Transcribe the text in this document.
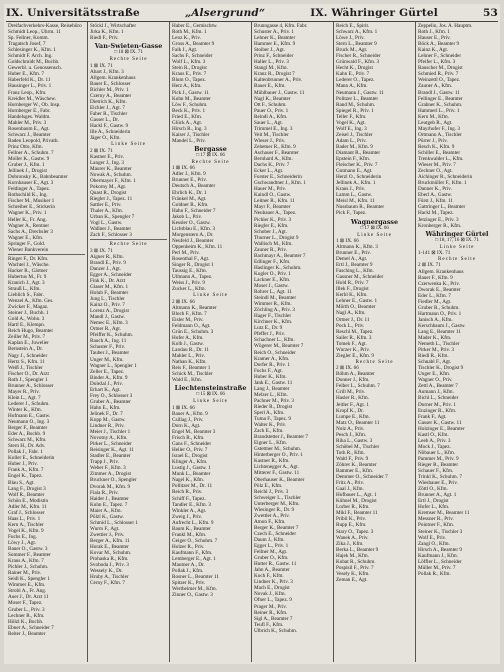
IX. Universitätsstraße	„Alsergrund“	IX. Währinger Gürtel	53
Dreifachverkehrs-Kasse, Reisebüro
Schmidt Leop., Uhrm. 11
Sp. Fellner, Komm.
Tragatsch Josef, 7
Schlesinger K., Kfm. 1
Schmidt F. Arch. Ing.
Goldschmidt M., Buchb.
Gewerbl. u. Genossensch.
Huber E., Kfm. 7
Haberfeld K., Dr. 11
Hausinger L., Priv. 1
Franz Leop., Kfm.
Kreidler M., Wäschew.
Hornberger W., Ob. Insp.
Hornberger E., Fabr.
Handelsges. Waldm.
Mahler M., Priv. 3
Rosenbaum E., Agt.
Schwarz J., Beamter
Baden Leopold, Privatb.
Prinz Otto, Kfm.
Fellner A., Schuhm. 7
Moller K., Gastw. 9
Gruber J., Kfm. 1
Jellinek J., Drogist
Dobronsky K., Bahnbeamter
Kornhauser E., Agt. 3
Feldinger A., Tapez.
Rothschild K., Ing.
Fischer M., Musiker 1
Schreiber E., Stickerin
Wagner K., Priv. 1
Heller K., Fr. Ang.
Wagner A., Rentner
Sachs A., Drechsler 3
Wagner E., Kfm.
Springer F., Gold.
Wiener Bankverein
Ringer F., Dr. Kfm.
Wachtel J., Wäsche.
Hacker R., Gärtner
Hubertus M., Fr. 9
Kranich J., Agt. 3
Strauß L., Kfm.
Lieblich S., Fabr.
Wenzel A., Kfm. Ges.
Zwicker F., Magaz.
Steiner J., Buchh. 1
Gold A., Wohn. 3
Hartl E., Klempn.
Reich Hugo, Beamter
Zeiller M., Priv. 7
Kaplan E., Juwelier
Bernstein A., Dr.
Nagy J., Schneider
Hertz S., Kfm. 11
Weiß J., Tischler
Fischer O., Dr. Arzt
Roth J., Spengler 1
Brunner A., Schlosser
Mayer R., Priv.
Klein L., Agt. 7
Lederer J., Schuhm.
Winter K., Kfm.
Hofmann E., Gastw.
Neumann O., Ing. 3
Berger F., Beamter
Eder A., Buchb. 9
Schwarz M., Kfm.
Stern H., Dr. Adv.
Pollak J., Fabr. 1
Koller E., Schneiderin
Huber J., Priv.
Frank A., Kfm. 7
Engel K., Tapez.
Blau S., Agt.
Lang F., Drogist 3
Wolf R., Beamter
Schön E., Modistin
Adler M., Kfm. 11
Graf J., Schlosser
Haas L., Priv. 1
Kern A., Tischler
Vogel K., Kfm. 9
Fuchs E., Ing.
Löwy J., Agt.
Bauer O., Gastw. 3
Sommer F., Beamter
Kraus A., Kfm. 7
Pichler J., Schuhm.
Rainer M., Priv.
Seidl K., Spengler 1
Wimmer E., Kfm.
Strobl A., Fr. Ang.
Auer J., Dr. Arzt 11
Moser F., Tapez.
Gruber L., Priv. 3
Lechner R., Kfm.
Hölzl K., Buchh.
Ebner A., Schneider 7
Reiter J., Beamter
Stöckl J., Wirtschafter
Jirka K., Kfm. 1
Riedl F., Priv.
Van-Swieten-Gasse
□ 18 ⊠ IX. 71
Rechte Seite
1 ⊠ IX. 71
Abart J., Kfm. 3
Allgem. Krankenhaus
Bauer E., Schlosser
Bichler M., Priv. 1
Czerny A., Beamter
Dietrich K., Kfm.
Eichler J., Agt. 7
Faber R., Tischler
Gasser L., Dr.
Hackl F., Gastw. 9
Ille A., Schneiderin
Jäger O., Kfm.
Linke Seite
2 ⊠ IX. 71
Kastner E., Priv.
Langer J., Ing. 3
Maurer K., Beamter
Nowak A., Schuhm.
Obermayer F., Kfm. 1
Pokorny M., Agt.
Quast R., Drogist
Riegler J., Tapez. 11
Sattler E., Priv.
Thaler A., Kfm.
Urban K., Spengler 7
Vogl L., Gastw.
Wallner J., Beamter
Zach F., Schlosser 3
Rechte Seite
3 ⊠ IX. 71
Aigner R., Kfm.
Brandl E., Priv. 9
Danzer J., Agt.
Egger A., Schneider
Fink K., Dr. Arzt
Glaser M., Kfm. 1
Holub F., Beamter
Jung L., Tischler
Kainz O., Priv. 7
Lorenz A., Drogist
Mandl J., Gastw.
Nemec E., Kfm. 3
Ortner R., Agt.
Pfeiffer K., Schuhm.
Rauch A., Ing. 11
Schuster F., Priv.
Tauber J., Beamter
Unger M., Kfm.
Wagner L., Spengler 1
Zeller E., Tapez.
Binder A., Kfm. 9
Doležal J., Priv.
Erhart K., Agt.
Frey O., Schlosser 3
Gruber A., Beamter
Hahn E., Kfm.
Jelinek F., Dr. 7
Kopp M., Gastw.
Lindner R., Priv.
Meier J., Tischler 1
Novotny A., Kfm.
Pirker L., Schneider
Reisinger K., Agt. 11
Stadler E., Beamter
Trapp J., Priv.
Weber F., Kfm. 3
Zimmer A., Drogist
Bruckner O., Spengler
Dvorak M., Kfm. 9
Fiala R., Priv.
Haider J., Beamter
Kuhn E., Tapez. 7
Maier A., Kfm.
Pölzl K., Gastw.
Schmid L., Schlosser 1
Wurm F., Agt.
Zwettler J., Priv.
Berger A., Kfm. 11
Horak E., Beamter
Kovar M., Schuhm.
Prohaska R., Kfm.
Svoboda J., Priv. 3
Wessely K., Dr.
Hruby A., Tischler
Cerny F., Kfm. 7
Haber E., Gemischtw.
Roth M., Kfm. 1
Lenz K., Priv.
Gross A., Beamter 9
Falk J., Agt.
Sachs F., Schneider
Wolf L., Kfm. 3
Stein R., Drogist
Kraus E., Priv. 7
Blum O., Tapez.
Herz A., Kfm.
Pick J., Gastw. 11
Kohn M., Beamter
Löw F., Schuhm.
Beck K., Priv. 1
Fried E., Kfm.
Glück A., Agt.
Hirsch R., Ing. 3
Kaiser J., Tischler
Mandel L., Priv.
Bergasse
□ 17 ⊠ IX. 66
Rechte Seite
1 ⊠ IX. 66
Adler J., Kfm. 9
Brunner E., Priv.
Deutsch A., Beamter
Ehrlich K., Dr. 1
Fränkel M., Agt.
Goldner R., Kfm.
Hahn F., Schneider 7
Jakob L., Priv.
Kessler O., Gastw.
Lichtblau E., Kfm. 3
Morgenstern A., Dr.
Neufeld J., Beamter
Oppenheim K., Kfm. 11
Perl M., Priv.
Rosenthal F., Agt.
Singer R., Drogist 1
Taussig E., Kfm.
Ullmann A., Tapez.
Weiss J., Priv. 9
Zucker L., Kfm.
Linke Seite
2 ⊠ IX. 66
Altmann K., Beamter
Bloch F., Kfm. 7
Eisler M., Priv.
Feldmann O., Agt.
Grün E., Schuhm. 3
Hofer A., Kfm.
Kolb J., Gastw.
Landau R., Dr. 11
Mahler L., Priv.
Nathan K., Kfm.
Reis F., Beamter 1
Schick M., Tischler
Wald E., Kfm.
Liechtensteinstraße
□ 15 ⊠ IX. 66
Linke Seite
1 ⊠ IX. 66
Bauer A., Kfm. 9
Csillag J., Priv.
Dorn K., Agt.
Engel M., Beamter 3
Frisch R., Kfm.
Gans F., Schneider
Heller O., Priv. 7
Israel E., Drogist
Klinger A., Kfm.
Lustig J., Gastw. 1
Munk L., Beamter
Nagel K., Kfm.
Pollitzer M., Dr. 11
Reich R., Priv.
Schiff F., Tapez.
Tandler E., Kfm. 3
Winkler A., Agt.
Zweig J., Priv.
Aufrecht L., Kfm. 9
Baum K., Beamter
Frankl M., Kfm.
Geiger O., Schuhm. 7
Holzer R., Priv.
Kaufmann F., Kfm.
Lemberger E., Agt. 1
Mautner A., Dr.
Pollak J., Kfm.
Rosner L., Beamter 11
Spitzer K., Priv.
Wertheimer M., Kfm.
Zinner O., Gastw. 3
Brunngasse 4, Kfm. Fabr.
Schuster A., Priv. 1
Lehner K., Beamter
Hammer E., Kfm. 9
Stoiber J., Agt.
Prinz F., Schneider
Haller L., Priv. 3
Stangl M., Kfm.
Kranz R., Drogist 7
Kaltenbrunner A., Priv.
Bauer E., Kfm.
Mühlbauer J., Gastw. 11
Nagl K., Beamter
Ott F., Schuhm.
Pauer O., Priv. 1
Reindl A., Kfm.
Sauer L., Agt.
Trimmel E., Ing. 3
Veit M., Tischler
Wieser J., Priv.
Zehetner R., Kfm. 9
Aschauer F., Beamter
Bernhard A., Kfm.
Dachs K., Priv. 7
Ecker L., Agt.
Forster E., Schneiderin
Gschwandtner J., Kfm. 1
Hauer M., Priv.
Kaindl O., Gastw.
Leitner R., Kfm. 11
Mayr F., Beamter
Neubauer A., Tapez.
Pichler K., Priv. 3
Riegler E., Kfm.
Schober J., Agt.
Thurner L., Drogist 9
Wallisch M., Kfm.
Zauner R., Priv.
Bachmayr A., Beamter 7
Edlinger F., Kfm.
Haslinger K., Schuhm.
Kogler O., Priv. 1
Lackner E., Kfm.
Moser J., Gastw.
Rohrer L., Agt. 11
Steindl M., Beamter
Wimmer R., Kfm.
Zöchling A., Priv. 3
Hager F., Tischler
Kirchner K., Kfm.
Lutz E., Dr. 9
Pfeffer J., Priv.
Schachner L., Kfm.
Wögerer M., Beamter 7
Reich O., Schneider
Kramer A., Kfm.
Dorfer R., Priv. 1
Fuchs F., Agt.
Huber K., Kfm.
Jank E., Gastw. 11
Lang J., Beamter
Melzer L., Kfm.
Pachner M., Priv. 3
Rieder R., Drogist
Sperl A., Kfm.
Tuma F., Tapez. 9
Walter K., Priv.
Zach E., Kfm.
Brandstetter J., Beamter 7
Eigner L., Kfm.
Gstettner M., Schuhm.
Hinterberger O., Priv. 1
Kastner R., Kfm.
Lichtenegger A., Agt.
Mitterer F., Gastw. 11
Oberhauser K., Beamter
Pölz E., Kfm.
Reichl J., Priv. 3
Schweiger L., Tischler
Unterberger M., Kfm.
Wiesinger R., Dr. 9
Zwettler A., Priv.
Amon F., Kfm.
Berger K., Beamter 7
Czech E., Schneider
Daum J., Kfm.
Egger L., Priv. 1
Fellner M., Agt.
Gruber O., Kfm.
Hutter R., Gastw. 11
Jahn A., Beamter
Koch F., Kfm.
Lindner K., Priv. 3
Mach E., Drogist
Novak J., Kfm.
Ofner L., Tapez. 9
Prager M., Priv.
Reiner R., Kfm.
Sigl A., Beamter 7
Teufl F., Kfm.
Ulbrich K., Schuhm.
Reich E., Spirit.
Schwarz A., Kfm. 1
Löwe J., Priv.
Stern L., Beamter 9
Bruck M., Agt.
Fischer R., Schneider
Grünwald F., Kfm. 3
Hecht K., Drogist
Kahn E., Priv. 7
Lederer O., Tapez.
Mann A., Kfm.
Neumann J., Gastw. 11
Politzer L., Beamter
Rand M., Schuhm.
Spiegel R., Priv. 1
Teller F., Kfm.
Vogel K., Agt.
Wolf E., Ing. 3
Zeisel J., Tischler
Adam L., Priv.
Bader M., Kfm. 9
Diamant R., Beamter
Epstein F., Kfm.
Fleischer K., Priv. 7
Gutmann E., Agt.
Herzl O., Schneiderin
Jellinek A., Kfm. 1
Kraus J., Priv.
Lamm L., Gastw.
Meisl M., Kfm. 11
Nussbaum R., Beamter
Pick F., Tapez.
Wagnergasse
□ 17 ⊠ IX. 66
Linke Seite
1 ⊠ IX. 66
Altmann K., Kfm. 3
Brunner E., Priv.
Demel A., Agt.
Ertl J., Beamter 9
Fasching L., Kfm.
Gassner M., Schneider
Hold R., Priv. 7
Illek F., Drogist
Kerbl K., Kfm.
Lehner E., Gastw. 1
Mörth O., Beamter
Nagl A., Kfm.
Ortner J., Dr. 11
Pock L., Priv.
Reschl M., Tapez.
Sailer R., Kfm. 3
Tomek F., Agt.
Wurzer K., Priv.
Ziegler E., Kfm. 9
Rechte Seite
2 ⊠ IX. 66
Böhm A., Beamter
Donner J., Kfm.
Felber L., Schuhm. 7
Grill M., Priv.
Hasler R., Kfm.
Jeitler F., Agt. 1
Kropf K., Dr.
Lumpe E., Kfm.
Matz O., Beamter 11
Nolz A., Priv.
Pesch J., Kfm.
Riha L., Gastw. 3
Schöbel M., Tischler
Toth R., Kfm.
Waltl F., Priv. 9
Zöhrer K., Beamter
Bammer E., Kfm.
Demmer O., Schneider 7
Fritz A., Priv.
Gaal J., Kfm.
Hofbauer L., Agt. 1
Kühnel M., Drogist
Lorber R., Kfm.
Mikl F., Beamter 11
Pribil K., Priv.
Rupp E., Kfm.
Stary O., Tapez. 3
Wanek A., Priv.
Zika J., Kfm.
Berka L., Beamter 9
Hajek M., Kfm.
Kubat R., Schuhm.
Pospisil F., Priv. 7
Vesely K., Kfm.
Zeman E., Agt.
Zeppelin, Jos. A. Hauptm.
Roth J., Kfm. 1
Hauser E., Priv.
Böck A., Beamter 9
Kainz K., Agt.
Lehner F., Schneider
Pfeifer L., Kfm. 3
Rauscher M., Drogist
Schmied R., Priv. 7
Weinzettl O., Tapez.
Zauner A., Kfm.
Brandl J., Gastw. 11
Fellinger E., Beamter
Grabner K., Schuhm.
Hammerl L., Priv. 1
Kern M., Kfm.
Leutgeb R., Agt.
Mayrhofer F., Ing. 3
Ortmann A., Tischler
Pürrer J., Priv.
Resch K., Kfm. 9
Schiller E., Beamter
Trenkwalder L., Kfm.
Wieser M., Priv. 7
Zechner O., Agt.
Aichinger R., Schneiderin
Bruckmüller F., Kfm. 1
Danner K., Priv.
Eberl A., Gastw.
Fürst J., Kfm. 11
Gattringer L., Beamter
Hackl M., Tapez.
Jetzinger E., Priv. 3
Kronberger R., Kfm.
Währinger Gürtel
□ 18, 17, 16 ⊠ IX. 71
Linke Seite
1-141 ⊠ IX. 71
Rechte Seite
2 ⊠ IX. 71
Allgem. Krankenhaus
Bauer F., Kfm. 9
Czerwenka K., Priv.
Dworak E., Beamter
Eder L., Kfm. 7
Fiedler M., Agt.
Gruber R., Schuhm.
Hartmann O., Priv. 1
Janisch A., Kfm.
Kerschbaum J., Gastw.
Lang E., Beamter 11
Mader K., Kfm.
Nemeth L., Tischler
Pirker M., Priv. 3
Riedl R., Kfm.
Schnabl F., Agt.
Tischler K., Drogist 9
Unger E., Kfm.
Wagner O., Priv.
Zettl A., Beamter 7
Aumann J., Kfm.
Bichl L., Schneider
Dorner M., Priv. 1
Enzinger R., Kfm.
Frank F., Agt.
Gasser K., Gastw. 11
Holzinger E., Beamter
Kastl O., Kfm.
Leeb A., Priv. 3
Mock J., Tapez.
Nöbauer L., Kfm.
Pammer M., Priv. 9
Rieger R., Beamter
Schauer F., Kfm.
Trinkl K., Schuhm. 7
Wiesbauer E., Priv.
Zöttl O., Kfm.
Brunner A., Agt. 1
Ertl J., Drogist
Hofer L., Kfm.
Kremser M., Beamter 11
Messner R., Priv.
Pointner F., Kfm.
Steiner K., Tischler 3
Wolf E., Priv.
Zangl O., Kfm.
Hirsch A., Beamter 9
Kaufmann J., Kfm.
Löffler L., Schneider
Müller M., Priv. 7
Pollak R., Kfm.
